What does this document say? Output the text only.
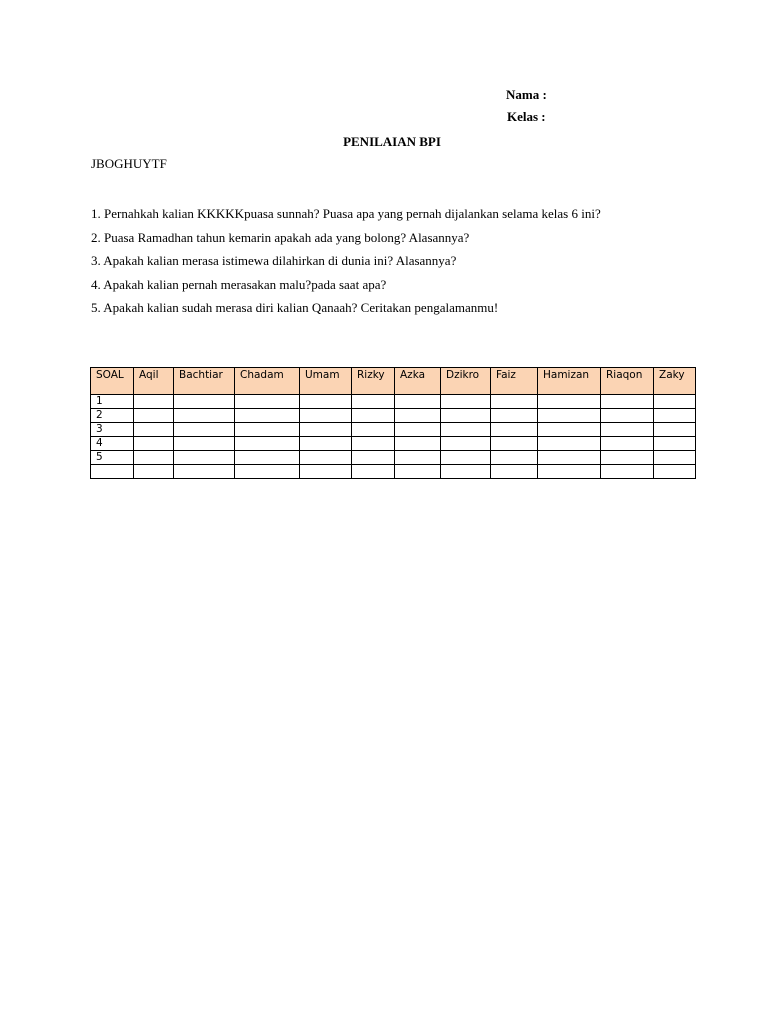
Nama :
Kelas :
PENILAIAN BPI
JBOGHUYTF
1. Pernahkah kalian KKKKKpuasa sunnah? Puasa apa yang pernah dijalankan selama kelas 6 ini?
2. Puasa Ramadhan tahun kemarin apakah ada yang bolong? Alasannya?
3. Apakah kalian merasa istimewa dilahirkan di dunia ini? Alasannya?
4. Apakah kalian pernah merasakan malu?pada saat apa?
5. Apakah kalian sudah merasa diri kalian Qanaah? Ceritakan pengalamanmu!
SOAL	Aqil	Bachtiar	Chadam	Umam	Rizky	Azka	Dzikro	Faiz	Hamizan	Riaqon	Zaky
1											
2											
3											
4											
5											
